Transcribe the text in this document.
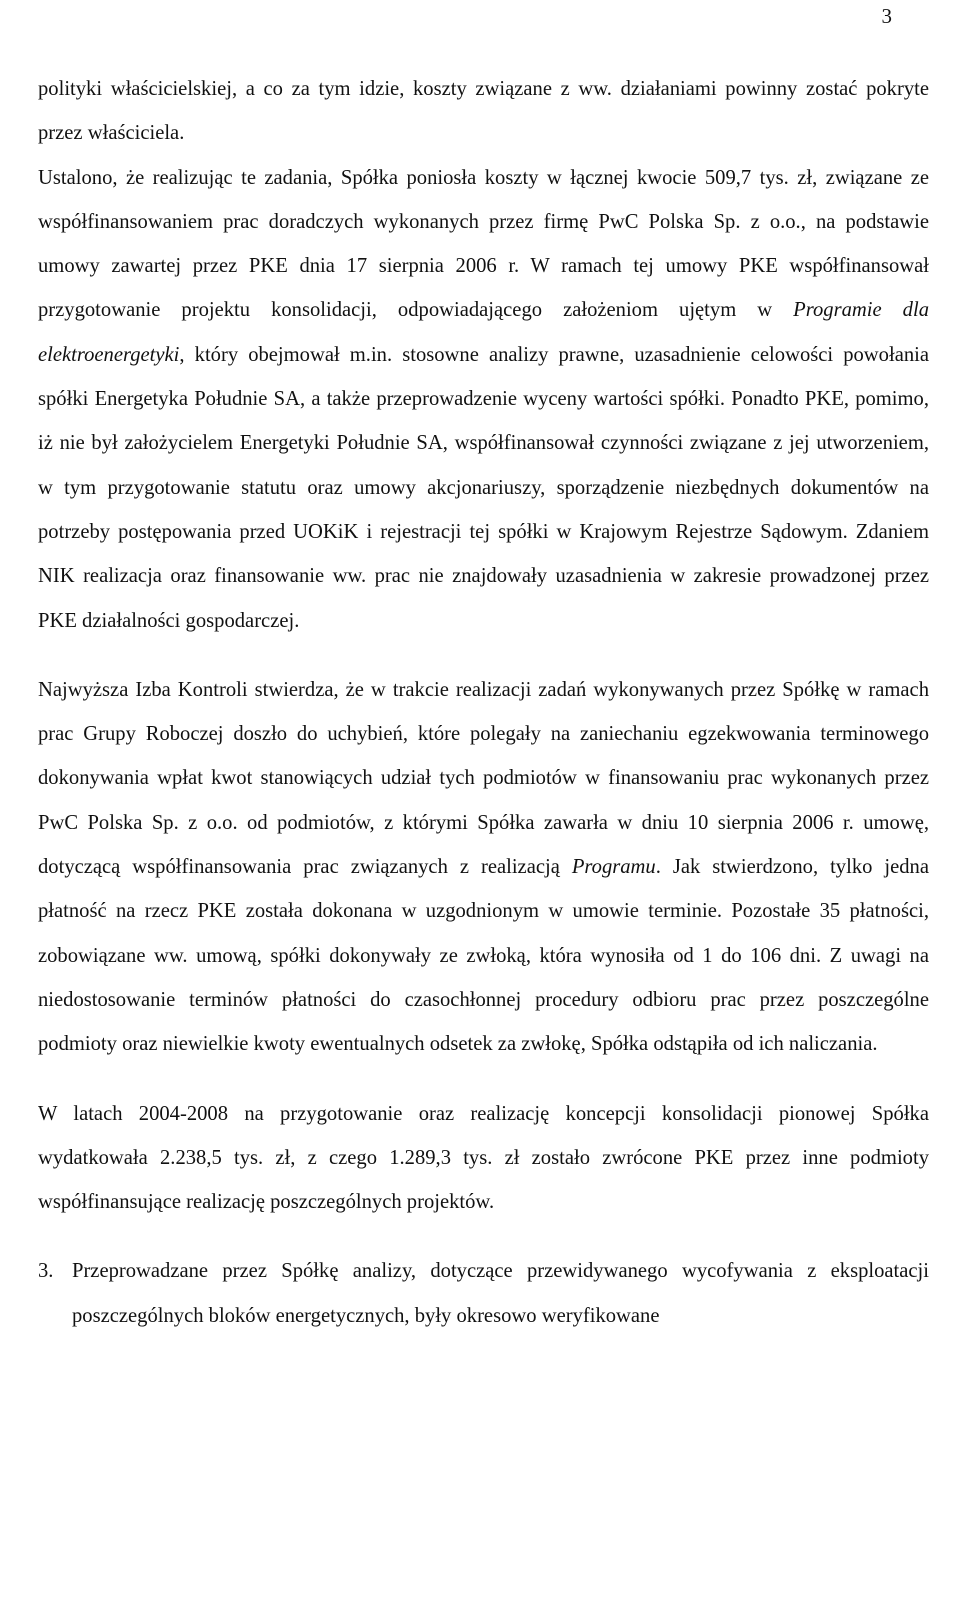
3

polityki właścicielskiej, a co za tym idzie, koszty związane z ww. działaniami powinny zostać pokryte przez właściciela.

Ustalono, że realizując te zadania, Spółka poniosła koszty w łącznej kwocie 509,7 tys. zł, związane ze współfinansowaniem prac doradczych wykonanych przez firmę PwC Polska Sp. z o.o., na podstawie umowy zawartej przez PKE dnia 17 sierpnia 2006 r. W ramach tej umowy PKE współfinansował przygotowanie projektu konsolidacji, odpowiadającego założeniom ujętym w Programie dla elektroenergetyki, który obejmował m.in. stosowne analizy prawne, uzasadnienie celowości powołania spółki Energetyka Południe SA, a także przeprowadzenie wyceny wartości spółki. Ponadto PKE, pomimo, iż nie był założycielem Energetyki Południe SA, współfinansował czynności związane z jej utworzeniem, w tym przygotowanie statutu oraz umowy akcjonariuszy, sporządzenie niezbędnych dokumentów na potrzeby postępowania przed UOKiK i rejestracji tej spółki w Krajowym Rejestrze Sądowym. Zdaniem NIK realizacja oraz finansowanie ww. prac nie znajdowały uzasadnienia w zakresie prowadzonej przez PKE działalności gospodarczej.

Najwyższa Izba Kontroli stwierdza, że w trakcie realizacji zadań wykonywanych przez Spółkę w ramach prac Grupy Roboczej doszło do uchybień, które polegały na zaniechaniu egzekwowania terminowego dokonywania wpłat kwot stanowiących udział tych podmiotów w finansowaniu prac wykonanych przez PwC Polska Sp. z o.o. od podmiotów, z którymi Spółka zawarła w dniu 10 sierpnia 2006 r. umowę, dotyczącą współfinansowania prac związanych z realizacją Programu. Jak stwierdzono, tylko jedna płatność na rzecz PKE została dokonana w uzgodnionym w umowie terminie. Pozostałe 35 płatności, zobowiązane ww. umową, spółki dokonywały ze zwłoką, która wynosiła od 1 do 106 dni. Z uwagi na niedostosowanie terminów płatności do czasochłonnej procedury odbioru prac przez poszczególne podmioty oraz niewielkie kwoty ewentualnych odsetek za zwłokę, Spółka odstąpiła od ich naliczania.

W latach 2004-2008 na przygotowanie oraz realizację koncepcji konsolidacji pionowej Spółka wydatkowała 2.238,5 tys. zł, z czego 1.289,3 tys. zł zostało zwrócone PKE przez inne podmioty współfinansujące realizację poszczególnych projektów.

3. Przeprowadzane przez Spółkę analizy, dotyczące przewidywanego wycofywania z eksploatacji poszczególnych bloków energetycznych, były okresowo weryfikowane
